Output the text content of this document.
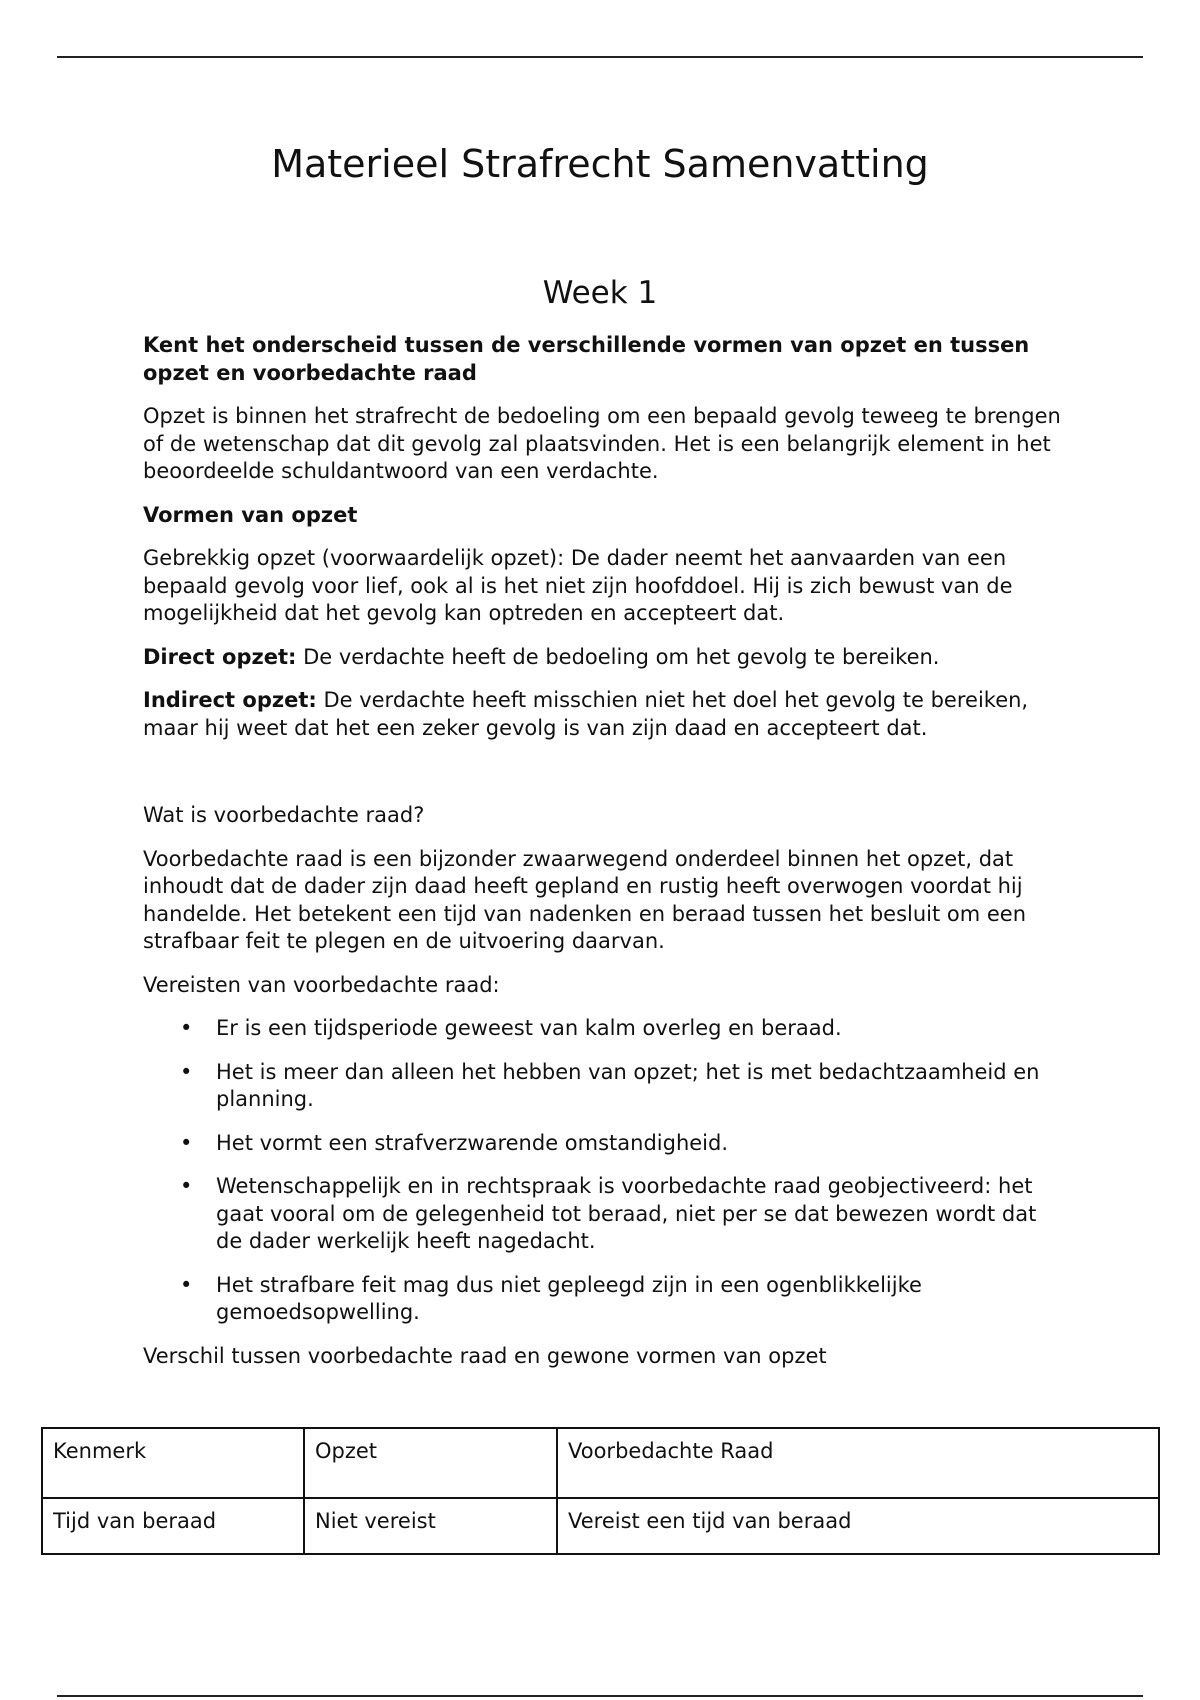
Materieel Strafrecht Samenvatting
Week 1
Kent het onderscheid tussen de verschillende vormen van opzet en tussen opzet en voorbedachte raad

Opzet is binnen het strafrecht de bedoeling om een bepaald gevolg teweeg te brengen of de wetenschap dat dit gevolg zal plaatsvinden. Het is een belangrijk element in het beoordeelde schuldantwoord van een verdachte.

Vormen van opzet

Gebrekkig opzet (voorwaardelijk opzet): De dader neemt het aanvaarden van een bepaald gevolg voor lief, ook al is het niet zijn hoofddoel. Hij is zich bewust van de mogelijkheid dat het gevolg kan optreden en accepteert dat.

Direct opzet: De verdachte heeft de bedoeling om het gevolg te bereiken.

Indirect opzet: De verdachte heeft misschien niet het doel het gevolg te bereiken, maar hij weet dat het een zeker gevolg is van zijn daad en accepteert dat.

Wat is voorbedachte raad?

Voorbedachte raad is een bijzonder zwaarwegend onderdeel binnen het opzet, dat inhoudt dat de dader zijn daad heeft gepland en rustig heeft overwogen voordat hij handelde. Het betekent een tijd van nadenken en beraad tussen het besluit om een strafbaar feit te plegen en de uitvoering daarvan.

Vereisten van voorbedachte raad:

• Er is een tijdsperiode geweest van kalm overleg en beraad.
• Het is meer dan alleen het hebben van opzet; het is met bedachtzaamheid en planning.
• Het vormt een strafverzwarende omstandigheid.
• Wetenschappelijk en in rechtspraak is voorbedachte raad geobjectiveerd: het gaat vooral om de gelegenheid tot beraad, niet per se dat bewezen wordt dat de dader werkelijk heeft nagedacht.
• Het strafbare feit mag dus niet gepleegd zijn in een ogenblikkelijke gemoedsopwelling.

Verschil tussen voorbedachte raad en gewone vormen van opzet

Kenmerk	Opzet	Voorbedachte Raad
Tijd van beraad	Niet vereist	Vereist een tijd van beraad
